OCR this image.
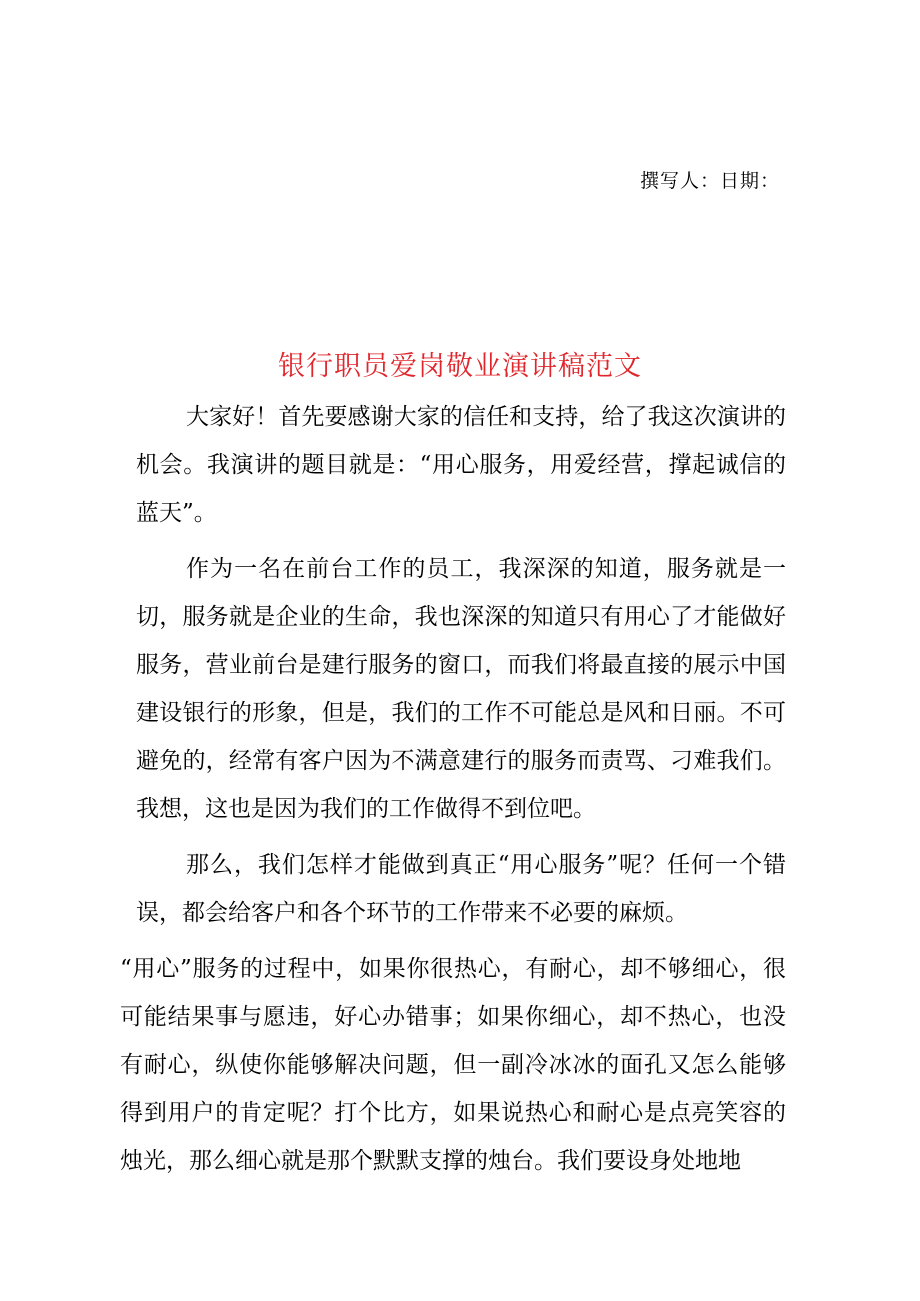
撰写人：日期：
银行职员爱岗敬业演讲稿范文

大家好！首先要感谢大家的信任和支持，给了我这次演讲的机会。我演讲的题目就是：“用心服务，用爱经营，撑起诚信的蓝天”。

作为一名在前台工作的员工，我深深的知道，服务就是一切，服务就是企业的生命，我也深深的知道只有用心了才能做好服务，营业前台是建行服务的窗口，而我们将最直接的展示中国建设银行的形象，但是，我们的工作不可能总是风和日丽。不可避免的，经常有客户因为不满意建行的服务而责骂、刁难我们。我想，这也是因为我们的工作做得不到位吧。

那么，我们怎样才能做到真正“用心服务”呢？任何一个错误，都会给客户和各个环节的工作带来不必要的麻烦。

“用心”服务的过程中，如果你很热心，有耐心，却不够细心，很可能结果事与愿违，好心办错事；如果你细心，却不热心，也没有耐心，纵使你能够解决问题，但一副冷冰冰的面孔又怎么能够得到用户的肯定呢？打个比方，如果说热心和耐心是点亮笑容的烛光，那么细心就是那个默默支撑的烛台。我们要设身处地地
